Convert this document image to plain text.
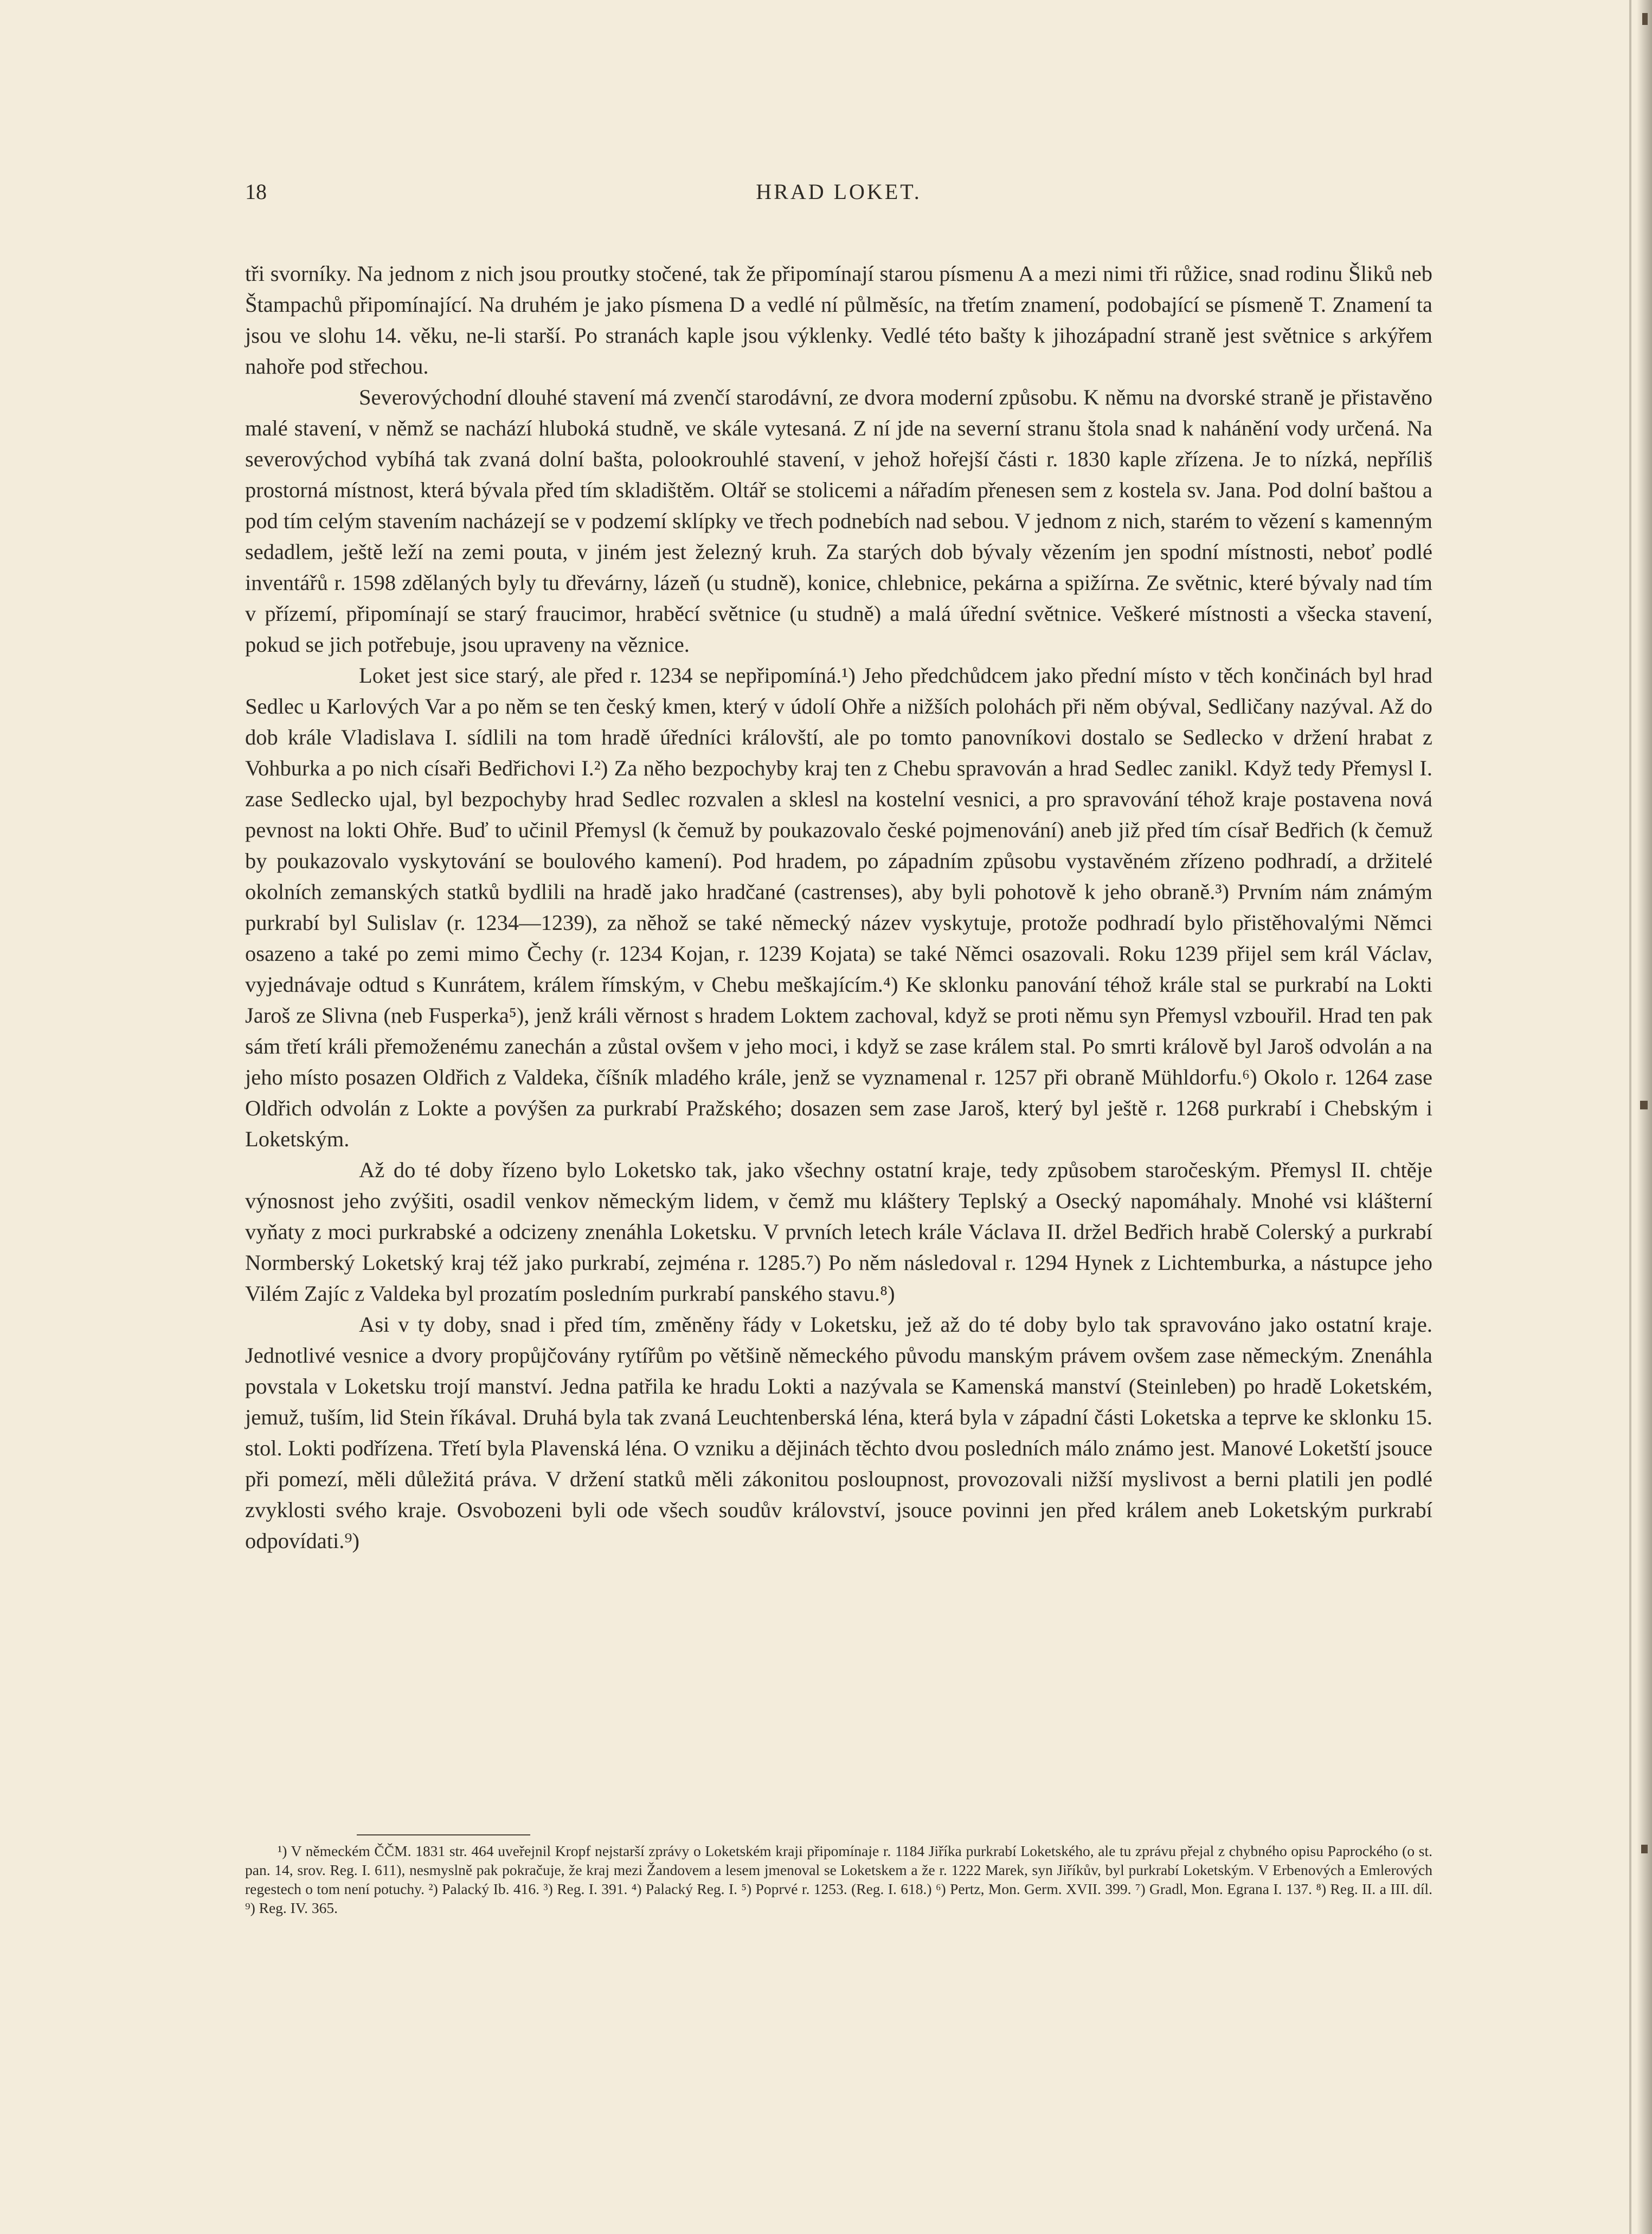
18	HRAD LOKET.

tři svorníky. Na jednom z nich jsou proutky stočené, tak že připomínají starou písmenu A a mezi nimi tři růžice, snad rodinu Šliků neb Štampachů připomínající. Na druhém je jako písmena D a vedlé ní půlměsíc, na třetím znamení, podobající se písmeně T. Znamení ta jsou ve slohu 14. věku, ne-li starší. Po stranách kaple jsou výklenky. Vedlé této bašty k jihozápadní straně jest světnice s arkýřem nahoře pod střechou.

Severovýchodní dlouhé stavení má zvenčí starodávní, ze dvora moderní způsobu. K němu na dvorské straně je přistavěno malé stavení, v němž se nachází hluboká studně, ve skále vytesaná. Z ní jde na severní stranu štola snad k nahánění vody určená. Na severovýchod vybíhá tak zvaná dolní bašta, polookrouhlé stavení, v jehož hořejší části r. 1830 kaple zřízena. Je to nízká, nepříliš prostorná místnost, která bývala před tím skladištěm. Oltář se stolicemi a nářadím přenesen sem z kostela sv. Jana. Pod dolní baštou a pod tím celým stavením nacházejí se v podzemí sklípky ve třech podnebích nad sebou. V jednom z nich, starém to vězení s kamenným sedadlem, ještě leží na zemi pouta, v jiném jest železný kruh. Za starých dob bývaly vězením jen spodní místnosti, neboť podlé inventářů r. 1598 zdělaných byly tu dřevárny, lázeň (u studně), konice, chlebnice, pekárna a spižírna. Ze světnic, které bývaly nad tím v přízemí, připomínají se starý fraucimor, hraběcí světnice (u studně) a malá úřední světnice. Veškeré místnosti a všecka stavení, pokud se jich potřebuje, jsou upraveny na věznice.

Loket jest sice starý, ale před r. 1234 se nepřipomíná.¹) Jeho předchůdcem jako přední místo v těch končinách byl hrad Sedlec u Karlových Var a po něm se ten český kmen, který v údolí Ohře a nižších polohách při něm obýval, Sedličany nazýval. Až do dob krále Vladislava I. sídlili na tom hradě úředníci královští, ale po tomto panovníkovi dostalo se Sedlecko v držení hrabat z Vohburka a po nich císaři Bedřichovi I.²) Za něho bezpochyby kraj ten z Chebu spravován a hrad Sedlec zanikl. Když tedy Přemysl I. zase Sedlecko ujal, byl bezpochyby hrad Sedlec rozvalen a sklesl na kostelní vesnici, a pro spravování téhož kraje postavena nová pevnost na lokti Ohře. Buď to učinil Přemysl (k čemuž by poukazovalo české pojmenování) aneb již před tím císař Bedřich (k čemuž by poukazovalo vyskytování se boulového kamení). Pod hradem, po západním způsobu vystavěném zřízeno podhradí, a držitelé okolních zemanských statků bydlili na hradě jako hradčané (castrenses), aby byli pohotově k jeho obraně.³) Prvním nám známým purkrabí byl Sulislav (r. 1234—1239), za něhož se také německý název vyskytuje, protože podhradí bylo přistěhovalými Němci osazeno a také po zemi mimo Čechy (r. 1234 Kojan, r. 1239 Kojata) se také Němci osazovali. Roku 1239 přijel sem král Václav, vyjednávaje odtud s Kunrátem, králem římským, v Chebu meškajícím.⁴) Ke sklonku panování téhož krále stal se purkrabí na Lokti Jaroš ze Slivna (neb Fusperka⁵), jenž králi věrnost s hradem Loktem zachoval, když se proti němu syn Přemysl vzbouřil. Hrad ten pak sám třetí králi přemoženému zanechán a zůstal ovšem v jeho moci, i když se zase králem stal. Po smrti králově byl Jaroš odvolán a na jeho místo posazen Oldřich z Valdeka, číšník mladého krále, jenž se vyznamenal r. 1257 při obraně Mühldorfu.⁶) Okolo r. 1264 zase Oldřich odvolán z Lokte a povýšen za purkrabí Pražského; dosazen sem zase Jaroš, který byl ještě r. 1268 purkrabí i Chebským i Loketským.

Až do té doby řízeno bylo Loketsko tak, jako všechny ostatní kraje, tedy způsobem staročeským. Přemysl II. chtěje výnosnost jeho zvýšiti, osadil venkov německým lidem, v čemž mu kláštery Teplský a Osecký napomáhaly. Mnohé vsi klášterní vyňaty z moci purkrabské a odcizeny znenáhla Loketsku. V prvních letech krále Václava II. držel Bedřich hrabě Colerský a purkrabí Normberský Loketský kraj též jako purkrabí, zejména r. 1285.⁷) Po něm následoval r. 1294 Hynek z Lichtemburka, a nástupce jeho Vilém Zajíc z Valdeka byl prozatím posledním purkrabí panského stavu.⁸)

Asi v ty doby, snad i před tím, změněny řády v Loketsku, jež až do té doby bylo tak spravováno jako ostatní kraje. Jednotlivé vesnice a dvory propůjčovány rytířům po většině německého původu manským právem ovšem zase německým. Znenáhla povstala v Loketsku trojí manství. Jedna patřila ke hradu Lokti a nazývala se Kamenská manství (Steinleben) po hradě Loketském, jemuž, tuším, lid Stein říkával. Druhá byla tak zvaná Leuchtenberská léna, která byla v západní části Loketska a teprve ke sklonku 15. stol. Lokti podřízena. Třetí byla Plavenská léna. O vzniku a dějinách těchto dvou posledních málo známo jest. Manové Loketští jsouce při pomezí, měli důležitá práva. V držení statků měli zákonitou posloupnost, provozovali nižší myslivost a berni platili jen podlé zvyklosti svého kraje. Osvobozeni byli ode všech soudův království, jsouce povinni jen před králem aneb Loketským purkrabí odpovídati.⁹)

¹) V německém ČČM. 1831 str. 464 uveřejnil Kropf nejstarší zprávy o Loketském kraji připomínaje r. 1184 Jiříka purkrabí Loketského, ale tu zprávu přejal z chybného opisu Paprockého (o st. pan. 14, srov. Reg. I. 611), nesmyslně pak pokračuje, že kraj mezi Žandovem a lesem jmenoval se Loketskem a že r. 1222 Marek, syn Jiříkův, byl purkrabí Loketským. V Erbenových a Emlerových regestech o tom není potuchy. ²) Palacký Ib. 416. ³) Reg. I. 391. ⁴) Palacký Reg. I. ⁵) Poprvé r. 1253. (Reg. I. 618.) ⁶) Pertz, Mon. Germ. XVII. 399. ⁷) Gradl, Mon. Egrana I. 137. ⁸) Reg. II. a III. díl. ⁹) Reg. IV. 365.
